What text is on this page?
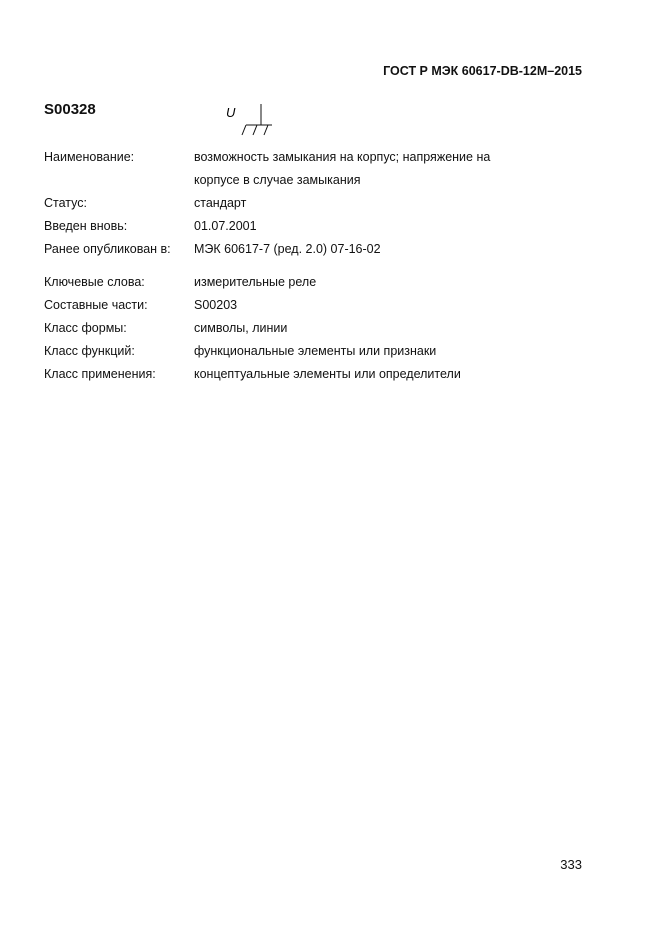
ГОСТ Р МЭК 60617-DB-12M–2015
S00328	U
Наименование:	возможность замыкания на корпус; напряжение на
корпусе в случае замыкания
Статус:	стандарт
Введен вновь:	01.07.2001
Ранее опубликован в: МЭК 60617-7 (ред. 2.0) 07-16-02
Ключевые слова:	измерительные реле
Составные части:	S00203
Класс формы:	символы, линии
Класс функций:	функциональные элементы или признаки
Класс применения:	концептуальные элементы или определители
333
